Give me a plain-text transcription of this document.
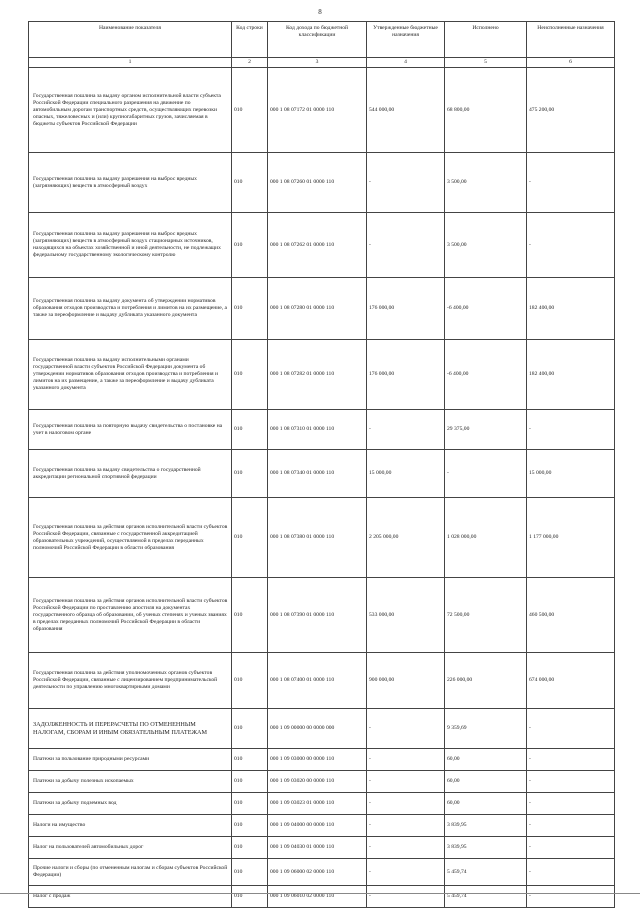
8
Наименование показателя	Код строки	Код дохода по бюджетной классификации	Утвержденные бюджетные назначения	Исполнено	Неисполненные назначения
1	2	3	4	5	6
Государственная пошлина за выдачу органом исполнительной власти субъекта Российской Федерации специального разрешения на движение по автомобильным дорогам транспортных средств, осуществляющих перевозки опасных, тяжеловесных и (или) крупногабаритных грузов, зачисляемая в бюджеты субъектов Российской Федерации	010	000 1 08 07172 01 0000 110	544 000,00	68 800,00	475 200,00
Государственная пошлина за выдачу разрешения на выброс вредных (загрязняющих) веществ в атмосферный воздух	010	000 1 08 07260 01 0000 110	-	3 500,00	-
Государственная пошлина за выдачу разрешения на выброс вредных (загрязняющих) веществ в атмосферный воздух стационарных источников, находящихся на объектах хозяйственной и иной деятельности, не подлежащих федеральному государственному экологическому контролю	010	000 1 08 07262 01 0000 110	-	3 500,00	-
Государственная пошлина за выдачу документа об утверждении нормативов образования отходов производства и потребления и лимитов на их размещение, а также за переоформление и выдачу дубликата указанного документа	010	000 1 08 07280 01 0000 110	176 000,00	-6 400,00	182 400,00
Государственная пошлина за выдачу исполнительными органами государственной власти субъектов Российской Федерации документа об утверждении нормативов образования отходов производства и потребления и лимитов на их размещение, а также за переоформление и выдачу дубликата указанного документа	010	000 1 08 07282 01 0000 110	176 000,00	-6 400,00	182 400,00
Государственная пошлина за повторную выдачу свидетельства о постановке на учет в налоговом органе	010	000 1 08 07310 01 0000 110	-	29 375,00	-
Государственная пошлина за выдачу свидетельства о государственной аккредитации региональной спортивной федерации	010	000 1 08 07340 01 0000 110	15 000,00	-	15 000,00
Государственная пошлина за действия органов исполнительной власти субъектов Российской Федерации, связанные с государственной аккредитацией образовательных учреждений, осуществляемой в пределах переданных полномочий Российской Федерации в области образования	010	000 1 08 07380 01 0000 110	2 205 000,00	1 028 000,00	1 177 000,00
Государственная пошлина за действия органов исполнительной власти субъектов Российской Федерации по проставлению апостиля на документах государственного образца об образовании, об ученых степенях и ученых званиях в пределах переданных полномочий Российской Федерации в области образования	010	000 1 08 07390 01 0000 110	533 000,00	72 500,00	460 500,00
Государственная пошлина за действия уполномоченных органов субъектов Российской Федерации, связанные с лицензированием предпринимательской деятельности по управлению многоквартирными домами	010	000 1 08 07400 01 0000 110	900 000,00	226 000,00	674 000,00
ЗАДОЛЖЕННОСТЬ И ПЕРЕРАСЧЕТЫ ПО ОТМЕНЕННЫМ НАЛОГАМ, СБОРАМ И ИНЫМ ОБЯЗАТЕЛЬНЫМ ПЛАТЕЖАМ	010	000 1 09 00000 00 0000 000	-	9 359,69	-
Платежи за пользование природными ресурсами	010	000 1 09 03000 00 0000 110	-	60,00	-
Платежи за добычу полезных ископаемых	010	000 1 09 03020 00 0000 110	-	60,00	-
Платежи за добычу подземных вод	010	000 1 09 03023 01 0000 110	-	60,00	-
Налоги на имущество	010	000 1 09 04000 00 0000 110	-	3 839,95	-
Налог на пользователей автомобильных дорог	010	000 1 09 04030 01 0000 110	-	3 839,95	-
Прочие налоги и сборы (по отмененным налогам и сборам субъектов Российской Федерации)	010	000 1 09 06000 02 0000 110	-	5 459,74	-
Налог с продаж	010	000 1 09 06010 02 0000 110	-	5 459,74	-
